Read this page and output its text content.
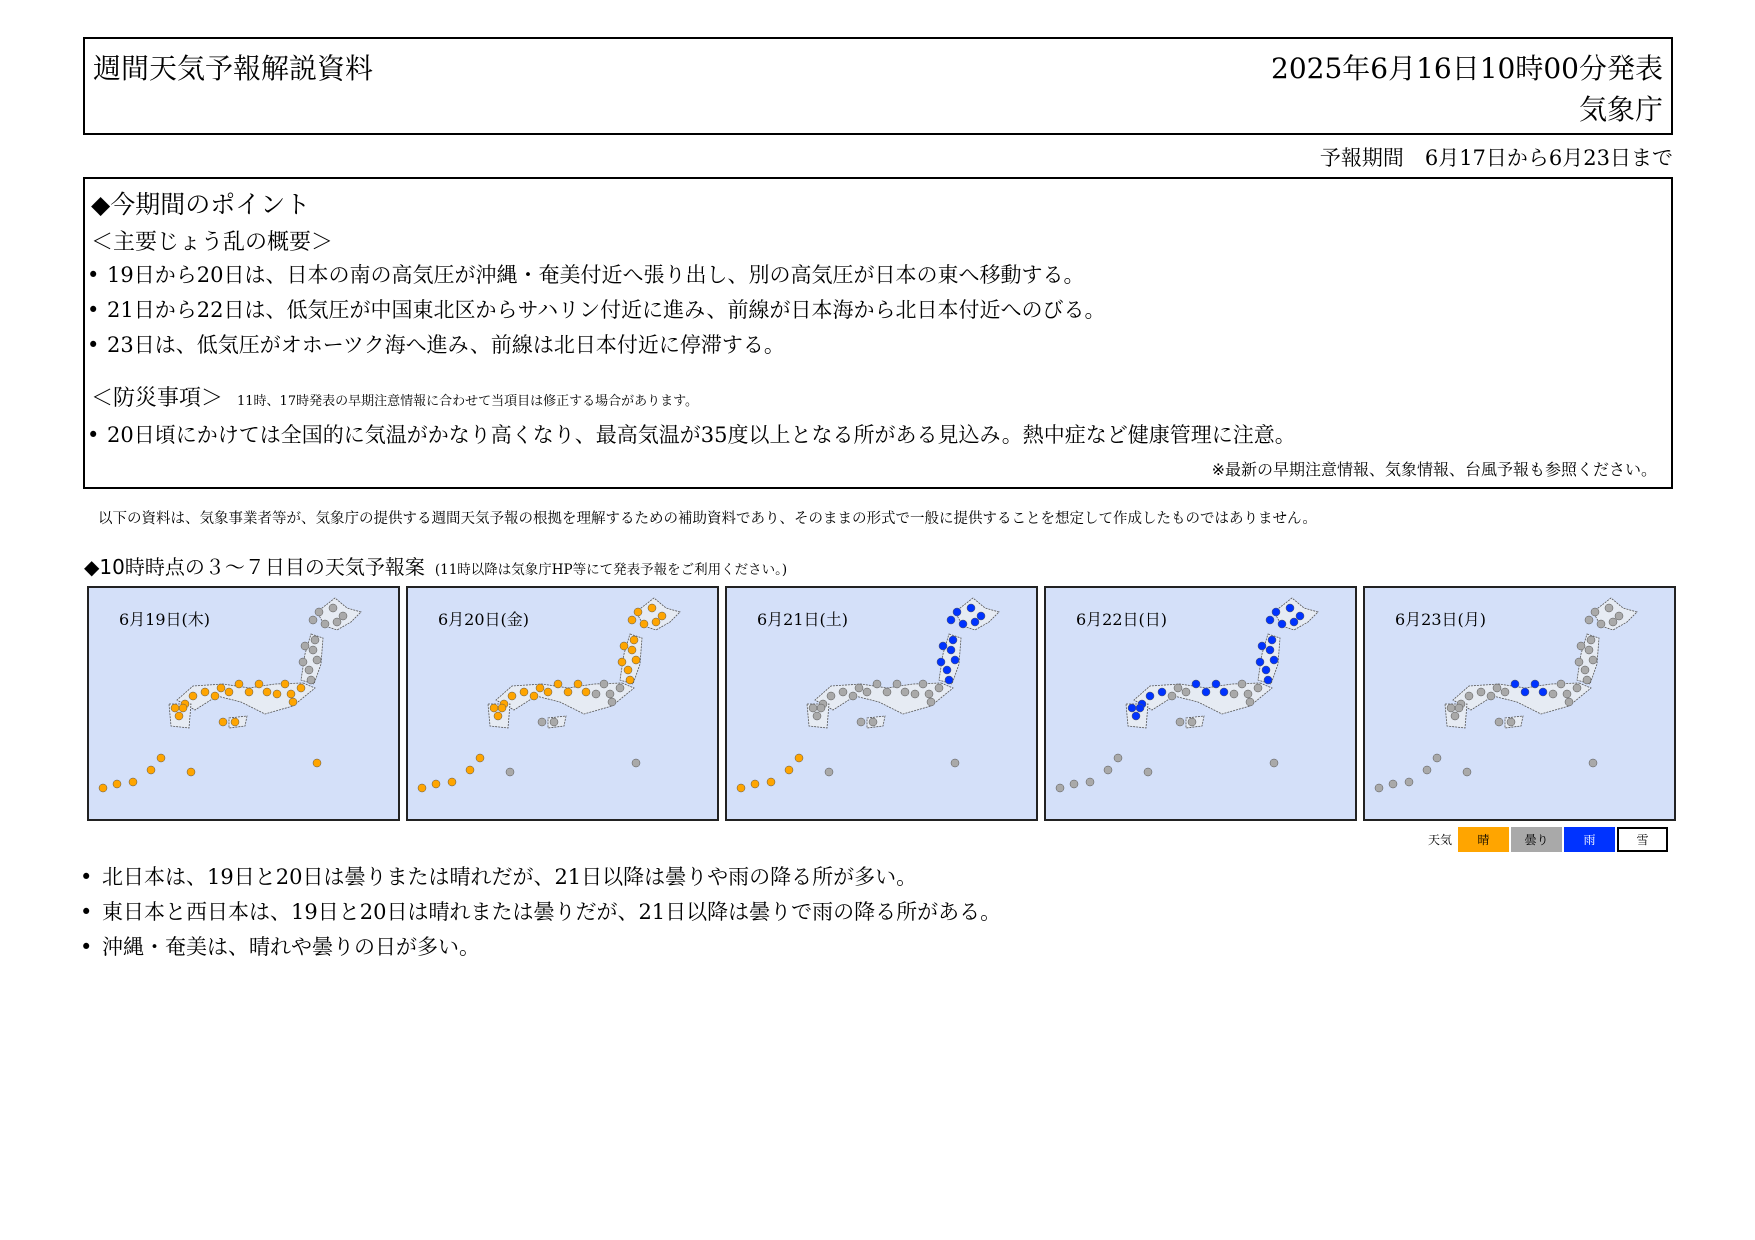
週間天気予報解説資料	2025年6月16日10時00分発表
気象庁
予報期間　6月17日から6月23日まで
◆今期間のポイント
＜主要じょう乱の概要＞
• 19日から20日は、日本の南の高気圧が沖縄・奄美付近へ張り出し、別の高気圧が日本の東へ移動する。
• 21日から22日は、低気圧が中国東北区からサハリン付近に進み、前線が日本海から北日本付近へのびる。
• 23日は、低気圧がオホーツク海へ進み、前線は北日本付近に停滞する。
＜防災事項＞ 11時、17時発表の早期注意情報に合わせて当項目は修正する場合があります。
• 20日頃にかけては全国的に気温がかなり高くなり、最高気温が35度以上となる所がある見込み。熱中症など健康管理に注意。
※最新の早期注意情報、気象情報、台風予報も参照ください。
以下の資料は、気象事業者等が、気象庁の提供する週間天気予報の根拠を理解するための補助資料であり、そのままの形式で一般に提供することを想定して作成したものではありません。
◆10時時点の３～７日目の天気予報案 (11時以降は気象庁HP等にて発表予報をご利用ください。)
6月19日(木)	6月20日(金)	6月21日(土)	6月22日(日)	6月23日(月)
天気 晴	曇り	雨	雪
• 北日本は、19日と20日は曇りまたは晴れだが、21日以降は曇りや雨の降る所が多い。
• 東日本と西日本は、19日と20日は晴れまたは曇りだが、21日以降は曇りで雨の降る所がある。
• 沖縄・奄美は、晴れや曇りの日が多い。
